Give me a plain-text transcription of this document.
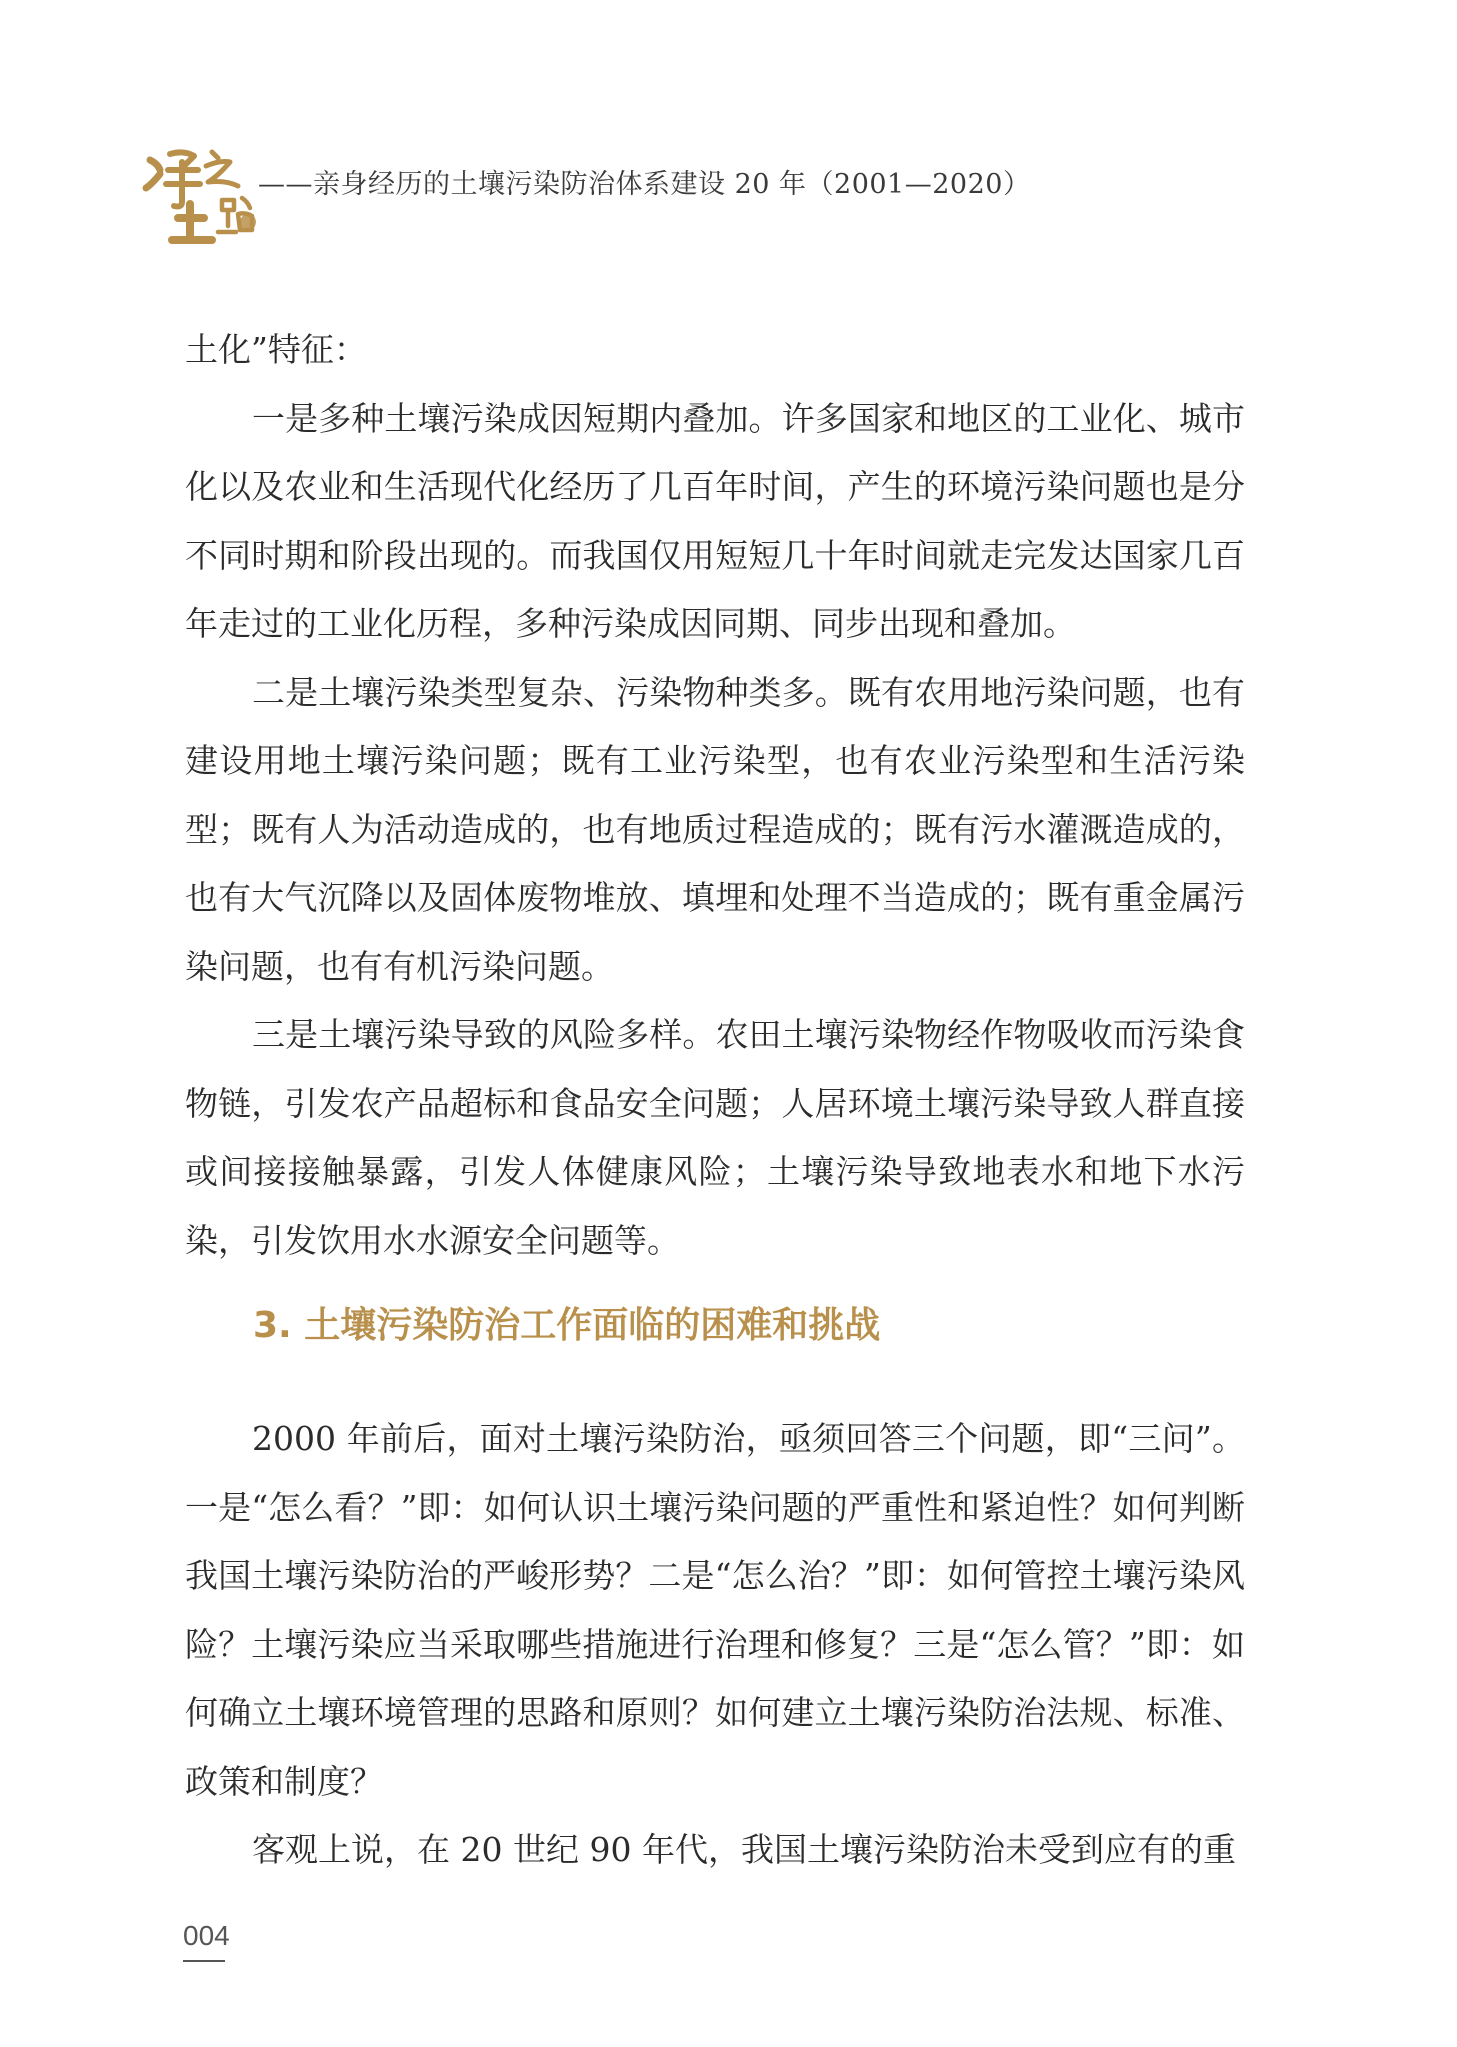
——亲身经历的土壤污染防治体系建设 20 年（2001—2020）

土化”特征：

一是多种土壤污染成因短期内叠加。许多国家和地区的工业化、城市化以及农业和生活现代化经历了几百年时间，产生的环境污染问题也是分不同时期和阶段出现的。而我国仅用短短几十年时间就走完发达国家几百年走过的工业化历程，多种污染成因同期、同步出现和叠加。

二是土壤污染类型复杂、污染物种类多。既有农用地污染问题，也有建设用地土壤污染问题；既有工业污染型，也有农业污染型和生活污染型；既有人为活动造成的，也有地质过程造成的；既有污水灌溉造成的，也有大气沉降以及固体废物堆放、填埋和处理不当造成的；既有重金属污染问题，也有有机污染问题。

三是土壤污染导致的风险多样。农田土壤污染物经作物吸收而污染食物链，引发农产品超标和食品安全问题；人居环境土壤污染导致人群直接或间接接触暴露，引发人体健康风险；土壤污染导致地表水和地下水污染，引发饮用水水源安全问题等。

3. 土壤污染防治工作面临的困难和挑战

2000 年前后，面对土壤污染防治，亟须回答三个问题，即“三问”。一是“怎么看？”即：如何认识土壤污染问题的严重性和紧迫性？如何判断我国土壤污染防治的严峻形势？二是“怎么治？”即：如何管控土壤污染风险？土壤污染应当采取哪些措施进行治理和修复？三是“怎么管？”即：如何确立土壤环境管理的思路和原则？如何建立土壤污染防治法规、标准、政策和制度？

客观上说，在 20 世纪 90 年代，我国土壤污染防治未受到应有的重

004
